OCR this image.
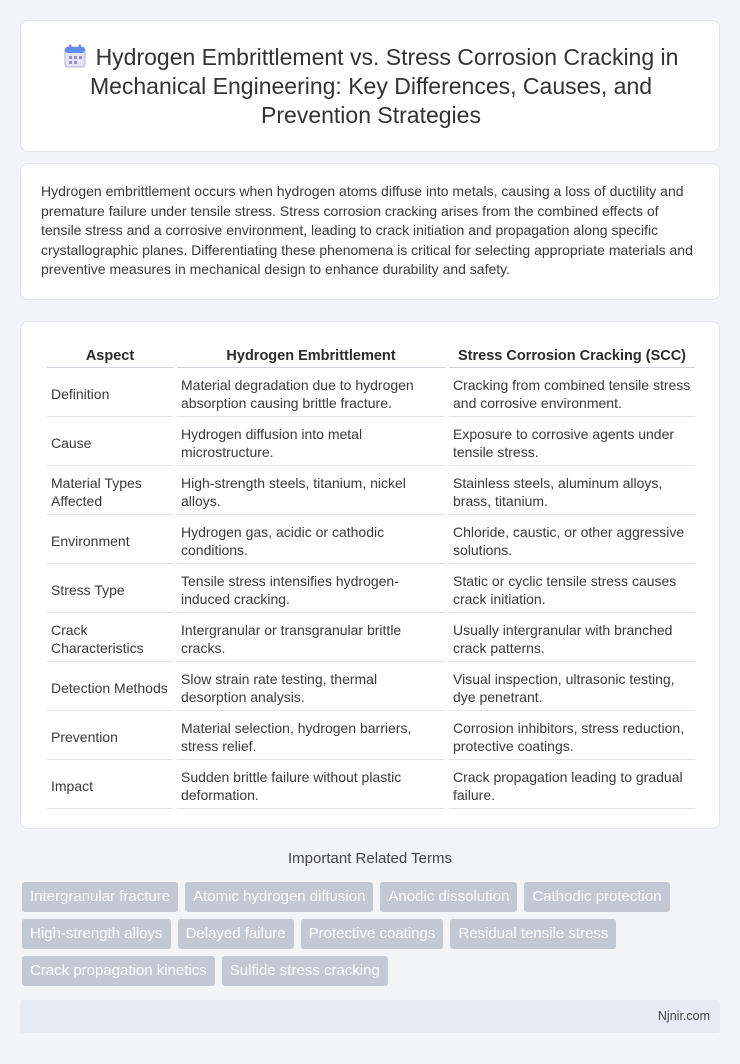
Hydrogen Embrittlement vs. Stress Corrosion Cracking in Mechanical Engineering: Key Differences, Causes, and Prevention Strategies

Hydrogen embrittlement occurs when hydrogen atoms diffuse into metals, causing a loss of ductility and premature failure under tensile stress. Stress corrosion cracking arises from the combined effects of tensile stress and a corrosive environment, leading to crack initiation and propagation along specific crystallographic planes. Differentiating these phenomena is critical for selecting appropriate materials and preventive measures in mechanical design to enhance durability and safety.

Aspect	Hydrogen Embrittlement	Stress Corrosion Cracking (SCC)
Definition	Material degradation due to hydrogen absorption causing brittle fracture.	Cracking from combined tensile stress and corrosive environment.
Cause	Hydrogen diffusion into metal microstructure.	Exposure to corrosive agents under tensile stress.
Material Types Affected	High-strength steels, titanium, nickel alloys.	Stainless steels, aluminum alloys, brass, titanium.
Environment	Hydrogen gas, acidic or cathodic conditions.	Chloride, caustic, or other aggressive solutions.
Stress Type	Tensile stress intensifies hydrogen-induced cracking.	Static or cyclic tensile stress causes crack initiation.
Crack Characteristics	Intergranular or transgranular brittle cracks.	Usually intergranular with branched crack patterns.
Detection Methods	Slow strain rate testing, thermal desorption analysis.	Visual inspection, ultrasonic testing, dye penetrant.
Prevention	Material selection, hydrogen barriers, stress relief.	Corrosion inhibitors, stress reduction, protective coatings.
Impact	Sudden brittle failure without plastic deformation.	Crack propagation leading to gradual failure.
Important Related Terms
Intergranular fracture	Atomic hydrogen diffusion	Anodic dissolution	Cathodic protection
High-strength alloys	Delayed failure	Protective coatings	Residual tensile stress
Crack propagation kinetics	Sulfide stress cracking
Njnir.com
